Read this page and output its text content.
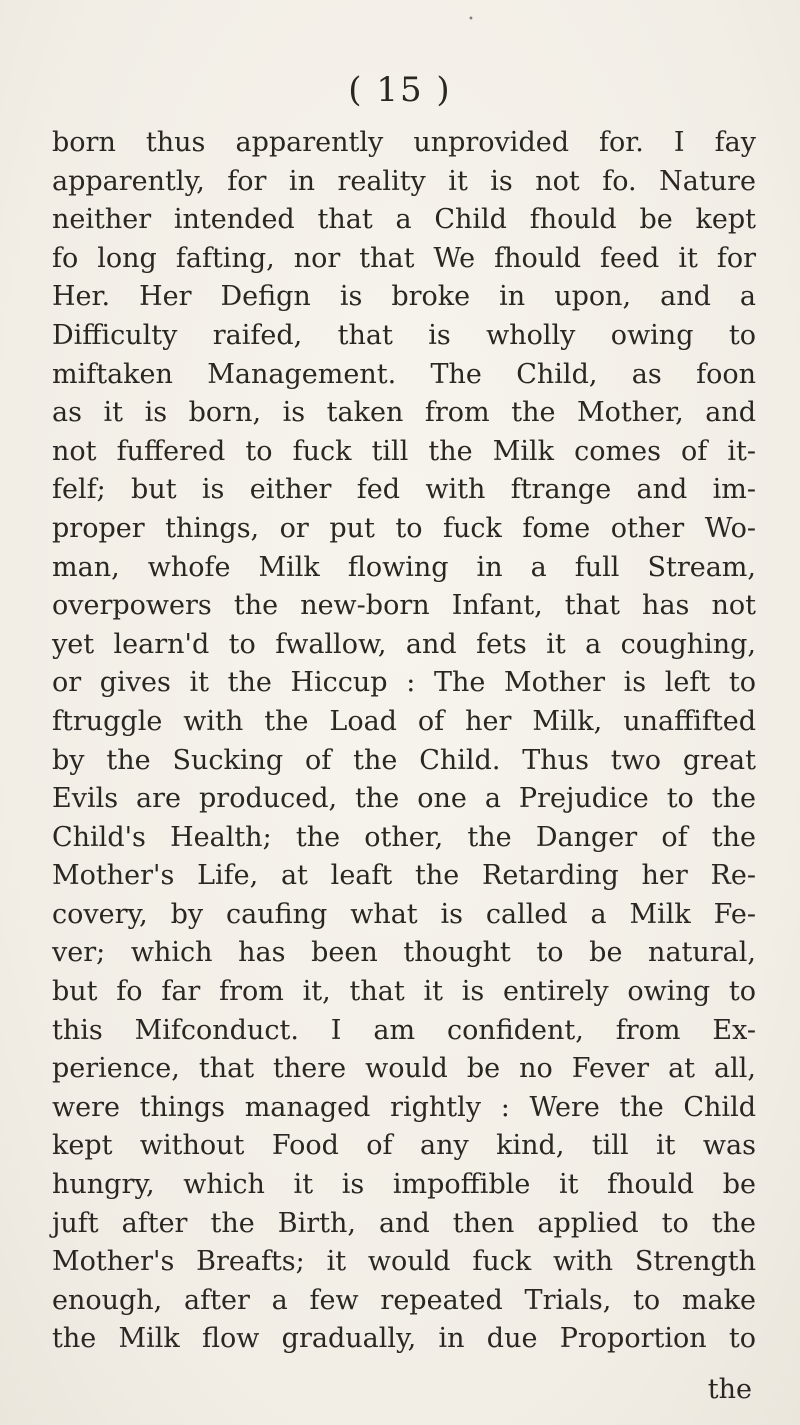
•
( 15 )
born thus apparently unprovided for. I fay
apparently, for in reality it is not fo. Nature
neither intended that a Child fhould be kept
fo long fafting, nor that We fhould feed it for
Her. Her Defign is broke in upon, and a
Difficulty raifed, that is wholly owing to
miftaken Management. The Child, as foon
as it is born, is taken from the Mother, and
not fuffered to fuck till the Milk comes of it-
felf; but is either fed with ftrange and im-
proper things, or put to fuck fome other Wo-
man, whofe Milk flowing in a full Stream,
overpowers the new-born Infant, that has not
yet learn'd to fwallow, and fets it a coughing,
or gives it the Hiccup : The Mother is left to
ftruggle with the Load of her Milk, unaffifted
by the Sucking of the Child. Thus two great
Evils are produced, the one a Prejudice to the
Child's Health; the other, the Danger of the
Mother's Life, at leaft the Retarding her Re-
covery, by caufing what is called a Milk Fe-
ver; which has been thought to be natural,
but fo far from it, that it is entirely owing to
this Mifconduct. I am confident, from Ex-
perience, that there would be no Fever at all,
were things managed rightly : Were the Child
kept without Food of any kind, till it was
hungry, which it is impoffible it fhould be
juft after the Birth, and then applied to the
Mother's Breafts; it would fuck with Strength
enough, after a few repeated Trials, to make
the Milk flow gradually, in due Proportion to
the
